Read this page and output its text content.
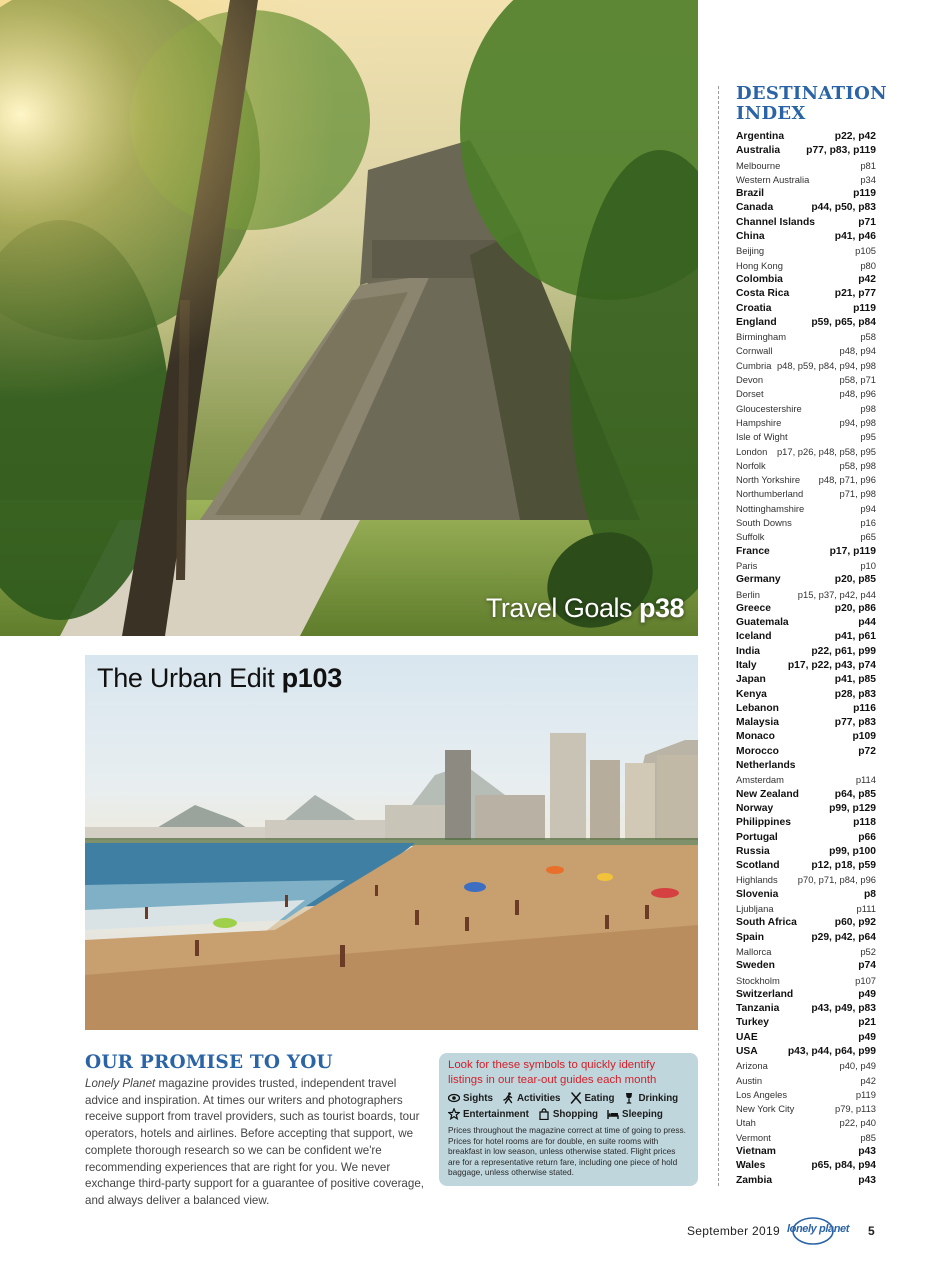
Travel Goals p38
The Urban Edit p103
OUR PROMISE TO YOU

Lonely Planet magazine provides trusted, independent travel advice and inspiration. At times our writers and photographers receive support from travel providers, such as tourist boards, tour operators, hotels and airlines. Before accepting that support, we complete thorough research so we can be confident we're recommending experiences that are right for you. We never exchange third-party support for a guarantee of positive coverage, and always deliver a balanced view.

Look for these symbols to quickly identify listings in our tear-out guides each month

Sights Activities Eating Drinking
Entertainment Shopping Sleeping

Prices throughout the magazine correct at time of going to press. Prices for hotel rooms are for double, en suite rooms with breakfast in low season, unless otherwise stated. Flight prices are for a representative return fare, including one piece of hold baggage, unless otherwise stated.

DESTINATION
INDEX
Argentina	p22, p42
Australia	p77, p83, p119
Melbourne	p81
Western Australia	p34
Brazil	p119
Canada	p44, p50, p83
Channel Islands	p71
China	p41, p46
Beijing	p105
Hong Kong	p80
Colombia	p42
Costa Rica	p21, p77
Croatia	p119
England	p59, p65, p84
Birmingham	p58
Cornwall	p48, p94
Cumbria p48, p59, p84, p94, p98
Devon	p58, p71
Dorset	p48, p96
Gloucestershire	p98
Hampshire	p94, p98
Isle of Wight	p95
London p17, p26, p48, p58, p95
Norfolk	p58, p98
North Yorkshire p48, p71, p96
Northumberland	p71, p98
Nottinghamshire	p94
South Downs	p16
Suffolk	p65
France	p17, p119
Paris	p10
Germany	p20, p85
Berlin	p15, p37, p42, p44
Greece	p20, p86
Guatemala	p44
Iceland	p41, p61
India	p22, p61, p99
Italy	p17, p22, p43, p74
Japan	p41, p85
Kenya	p28, p83
Lebanon	p116
Malaysia	p77, p83
Monaco	p109
Morocco	p72
Netherlands
Amsterdam	p114
New Zealand	p64, p85
Norway	p99, p129
Philippines	p118
Portugal	p66
Russia	p99, p100
Scotland	p12, p18, p59
Highlands p70, p71, p84, p96
Slovenia	p8
Ljubljana	p111
South Africa	p60, p92
Spain	p29, p42, p64
Mallorca	p52
Sweden	p74
Stockholm	p107
Switzerland	p49
Tanzania	p43, p49, p83
Turkey	p21
UAE	p49
USA	p43, p44, p64, p99
Arizona	p40, p49
Austin	p42
Los Angeles	p119
New York City	p79, p113
Utah	p22, p40
Vermont	p85
Vietnam	p43
Wales	p65, p84, p94
Zambia	p43
September 2019 lonely planet 5
